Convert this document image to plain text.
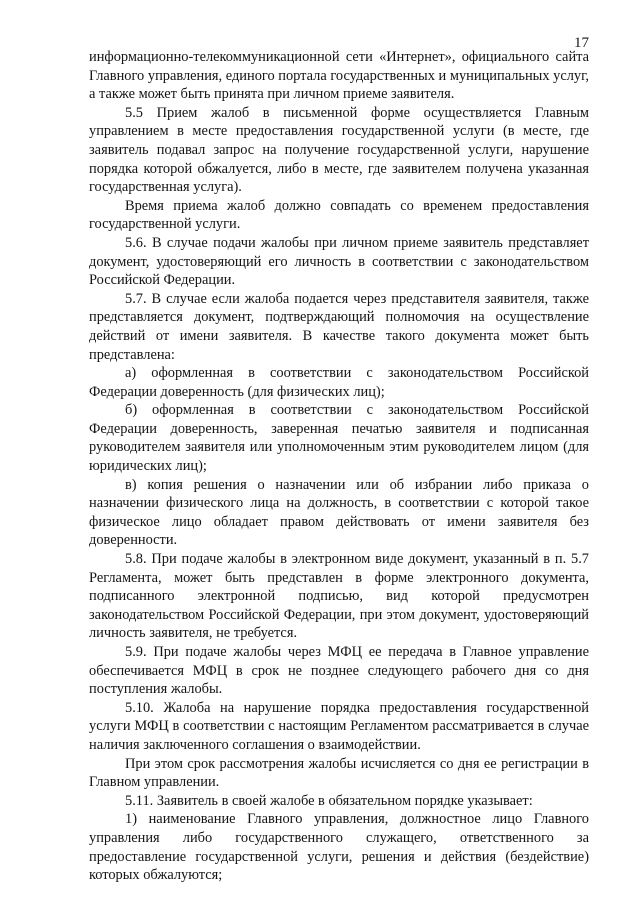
17

информационно-телекоммуникационной сети «Интернет», официального сайта Главного управления, единого портала государственных и муниципальных услуг, а также может быть принята при личном приеме заявителя.

5.5 Прием жалоб в письменной форме осуществляется Главным управлением в месте предоставления государственной услуги (в месте, где заявитель подавал запрос на получение государственной услуги, нарушение порядка которой обжалуется, либо в месте, где заявителем получена указанная государственная услуга).

Время приема жалоб должно совпадать со временем предоставления государственной услуги.

5.6. В случае подачи жалобы при личном приеме заявитель представляет документ, удостоверяющий его личность в соответствии с законодательством Российской Федерации.

5.7. В случае если жалоба подается через представителя заявителя, также представляется документ, подтверждающий полномочия на осуществление действий от имени заявителя. В качестве такого документа может быть представлена:

а) оформленная в соответствии с законодательством Российской Федерации доверенность (для физических лиц);

б) оформленная в соответствии с законодательством Российской Федерации доверенность, заверенная печатью заявителя и подписанная руководителем заявителя или уполномоченным этим руководителем лицом (для юридических лиц);

в) копия решения о назначении или об избрании либо приказа о назначении физического лица на должность, в соответствии с которой такое физическое лицо обладает правом действовать от имени заявителя без доверенности.

5.8. При подаче жалобы в электронном виде документ, указанный в п. 5.7 Регламента, может быть представлен в форме электронного документа, подписанного электронной подписью, вид которой предусмотрен законодательством Российской Федерации, при этом документ, удостоверяющий личность заявителя, не требуется.

5.9. При подаче жалобы через МФЦ ее передача в Главное управление обеспечивается МФЦ в срок не позднее следующего рабочего дня со дня поступления жалобы.

5.10. Жалоба на нарушение порядка предоставления государственной услуги МФЦ в соответствии с настоящим Регламентом рассматривается в случае наличия заключенного соглашения о взаимодействии.

При этом срок рассмотрения жалобы исчисляется со дня ее регистрации в Главном управлении.

5.11. Заявитель в своей жалобе в обязательном порядке указывает:

1) наименование Главного управления, должностное лицо Главного управления либо государственного служащего, ответственного за предоставление государственной услуги, решения и действия (бездействие) которых обжалуются;
